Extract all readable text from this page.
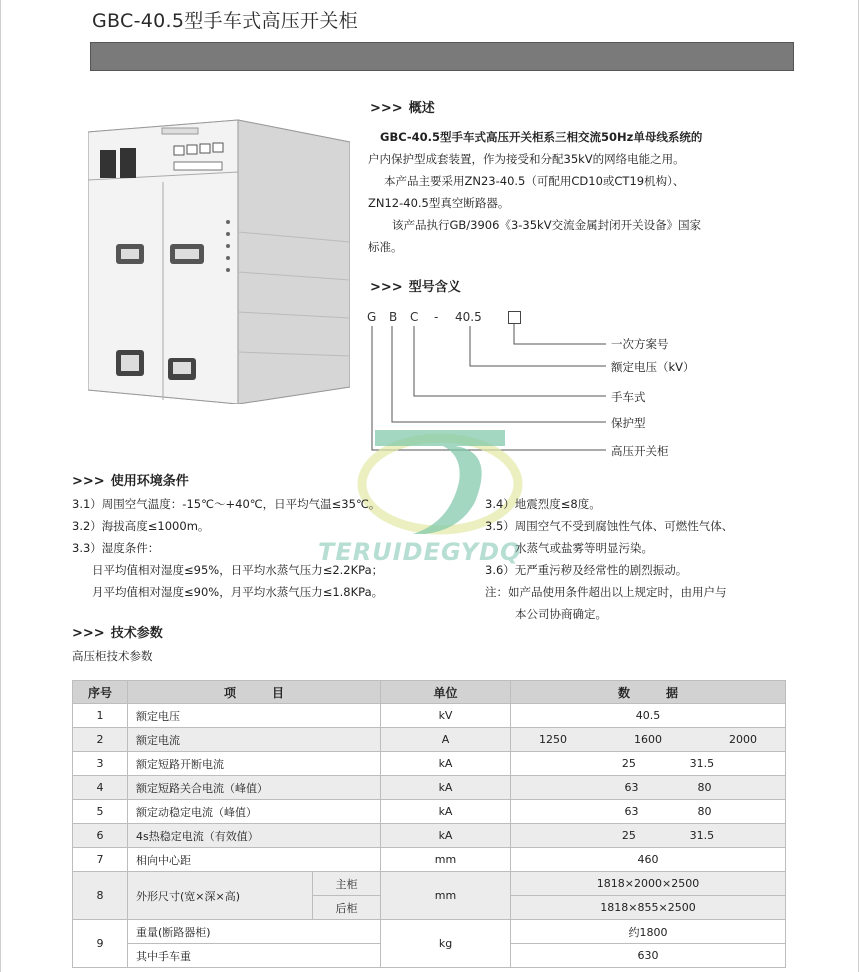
GBC-40.5型手车式高压开关柜
>>> 概述
GBC-40.5型手车式高压开关柜系三相交流50Hz单母线系统的
户内保护型成套装置，作为接受和分配35kV的网络电能之用。
本产品主要采用ZN23-40.5（可配用CD10或CT19机构）、
ZN12-40.5型真空断路器。
该产品执行GB/3906《3-35kV交流金属封闭开关设备》国家
标准。
>>> 型号含义
G B C - 40.5
一次方案号
额定电压（kV）
手车式
保护型
高压开关柜
TERUIDEGYDQ
>>> 使用环境条件
3.1）周围空气温度：-15℃～+40℃，日平均气温≤35℃。
3.2）海拔高度≤1000m。
3.3）湿度条件：
日平均值相对湿度≤95%，日平均水蒸气压力≤2.2KPa；
月平均值相对湿度≤90%，月平均水蒸气压力≤1.8KPa。
3.4）地震烈度≤8度。
3.5）周围空气不受到腐蚀性气体、可燃性气体、
水蒸气或盐雾等明显污染。
3.6）无严重污秽及经常性的剧烈振动。
注：如产品使用条件超出以上规定时，由用户与
本公司协商确定。
>>> 技术参数
高压柜技术参数
序号	项　　　目		单位	数　　　据
1	额定电压		kV	40.5
2	额定电流		A	1250 1600 2000

3	额定短路开断电流		kA	25 31.5

4	额定短路关合电流（峰值）		kA	63 80

5	额定动稳定电流（峰值）		kA	63 80

6	4s热稳定电流（有效值）		kA	25 31.5

7	相向中心距		mm	460
8	外形尺寸(宽×深×高)	主柜	mm	1818×2000×2500
		后柜		1818×855×2500
9	重量(断路器柜)		kg	约1800
	其中手车重			630
